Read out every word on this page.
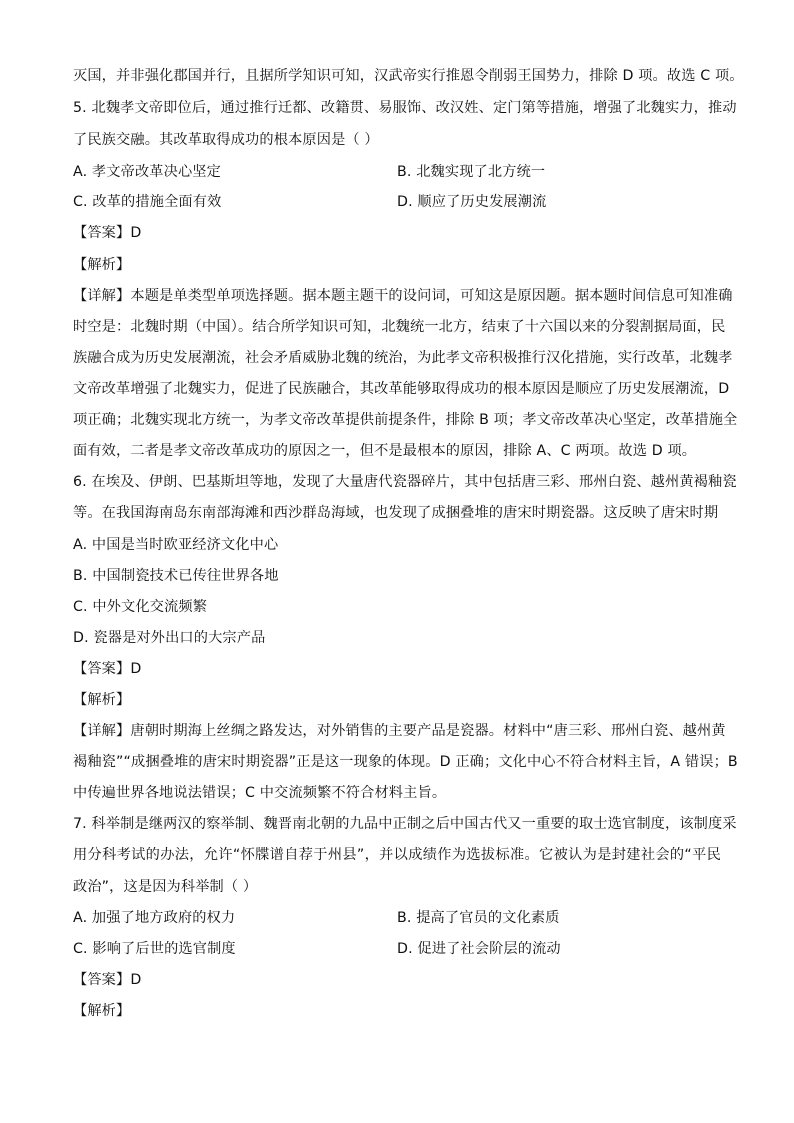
灭国，并非强化郡国并行，且据所学知识可知，汉武帝实行推恩令削弱王国势力，排除 D 项。故选 C 项。
5. 北魏孝文帝即位后，通过推行迁都、改籍贯、易服饰、改汉姓、定门第等措施，增强了北魏实力，推动
了民族交融。其改革取得成功的根本原因是（ ）
A. 孝文帝改革决心坚定	B. 北魏实现了北方统一
C. 改革的措施全面有效	D. 顺应了历史发展潮流
【答案】D
【解析】
【详解】本题是单类型单项选择题。据本题主题干的设问词，可知这是原因题。据本题时间信息可知准确
时空是：北魏时期（中国）。结合所学知识可知，北魏统一北方，结束了十六国以来的分裂割据局面，民
族融合成为历史发展潮流，社会矛盾威胁北魏的统治，为此孝文帝积极推行汉化措施，实行改革，北魏孝
文帝改革增强了北魏实力，促进了民族融合，其改革能够取得成功的根本原因是顺应了历史发展潮流，D
项正确；北魏实现北方统一，为孝文帝改革提供前提条件，排除 B 项；孝文帝改革决心坚定，改革措施全
面有效，二者是孝文帝改革成功的原因之一，但不是最根本的原因，排除 A、C 两项。故选 D 项。
6. 在埃及、伊朗、巴基斯坦等地，发现了大量唐代瓷器碎片，其中包括唐三彩、邢州白瓷、越州黄褐釉瓷
等。在我国海南岛东南部海滩和西沙群岛海域，也发现了成捆叠堆的唐宋时期瓷器。这反映了唐宋时期
A. 中国是当时欧亚经济文化中心
B. 中国制瓷技术已传往世界各地
C. 中外文化交流频繁
D. 瓷器是对外出口的大宗产品
【答案】D
【解析】
【详解】唐朝时期海上丝绸之路发达，对外销售的主要产品是瓷器。材料中“唐三彩、邢州白瓷、越州黄
褐釉瓷”“成捆叠堆的唐宋时期瓷器”正是这一现象的体现。D 正确；文化中心不符合材料主旨，A 错误；B
中传遍世界各地说法错误；C 中交流频繁不符合材料主旨。
7. 科举制是继两汉的察举制、魏晋南北朝的九品中正制之后中国古代又一重要的取士选官制度，该制度采
用分科考试的办法，允许“怀牒谱自荐于州县”，并以成绩作为选拔标准。它被认为是封建社会的“平民
政治”，这是因为科举制（ ）
A. 加强了地方政府的权力	B. 提高了官员的文化素质
C. 影响了后世的选官制度	D. 促进了社会阶层的流动
【答案】D
【解析】
